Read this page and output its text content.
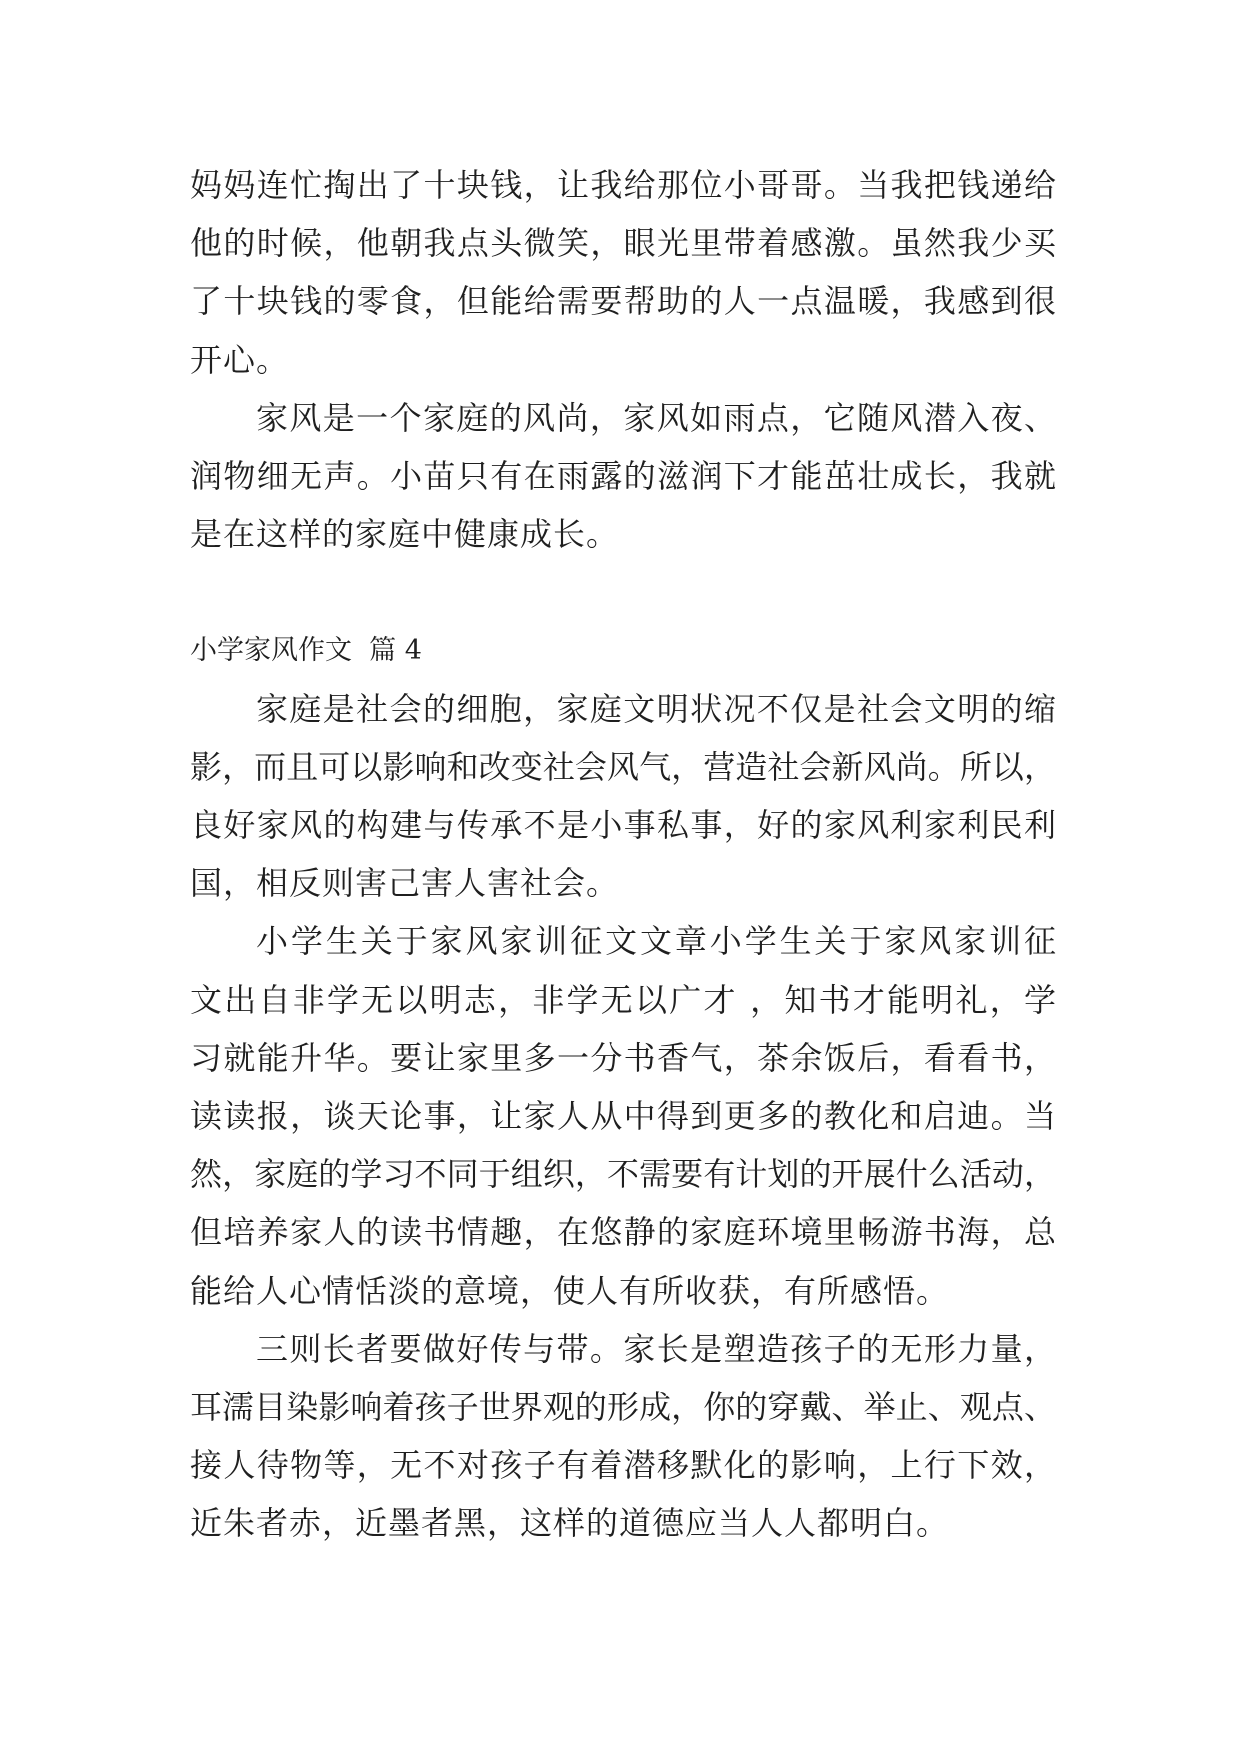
妈妈连忙掏出了十块钱，让我给那位小哥哥。当我把钱递给
他的时候，他朝我点头微笑，眼光里带着感激。虽然我少买
了十块钱的零食，但能给需要帮助的人一点温暖，我感到很
开心。
家风是一个家庭的风尚，家风如雨点，它随风潜入夜、
润物细无声。小苗只有在雨露的滋润下才能茁壮成长，我就
是在这样的家庭中健康成长。
小学家风作文  篇 4
家庭是社会的细胞，家庭文明状况不仅是社会文明的缩
影，而且可以影响和改变社会风气，营造社会新风尚。所以，
良好家风的构建与传承不是小事私事，好的家风利家利民利
国，相反则害己害人害社会。
小学生关于家风家训征文文章小学生关于家风家训征
文出自非学无以明志，非学无以广才 ，知书才能明礼，学
习就能升华。要让家里多一分书香气，茶余饭后，看看书，
读读报，谈天论事，让家人从中得到更多的教化和启迪。当
然，家庭的学习不同于组织，不需要有计划的开展什么活动，
但培养家人的读书情趣，在悠静的家庭环境里畅游书海，总
能给人心情恬淡的意境，使人有所收获，有所感悟。
三则长者要做好传与带。家长是塑造孩子的无形力量，
耳濡目染影响着孩子世界观的形成，你的穿戴、举止、观点、
接人待物等，无不对孩子有着潜移默化的影响，上行下效，
近朱者赤，近墨者黑，这样的道德应当人人都明白。
